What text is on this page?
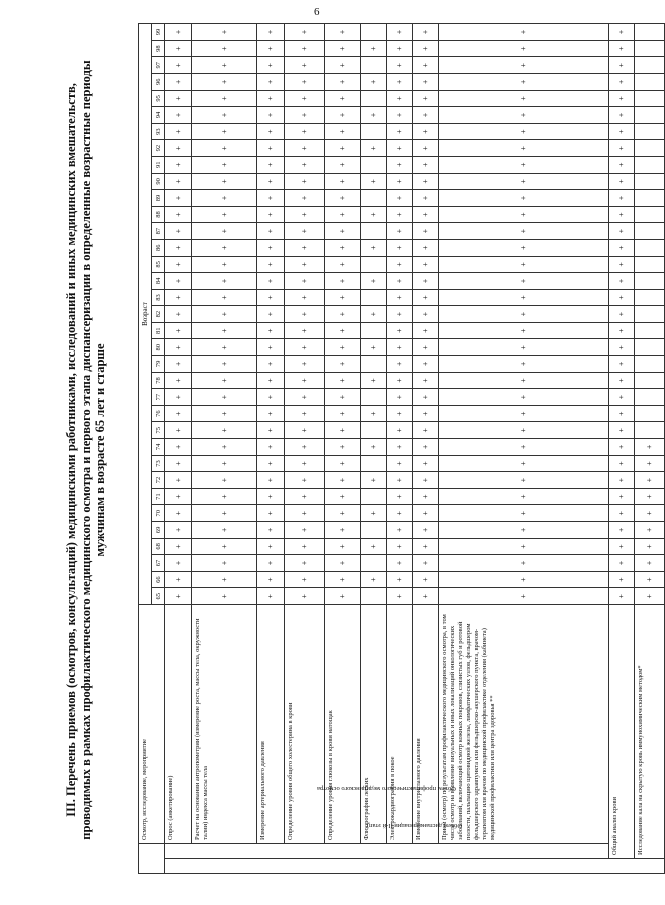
6
III. Перечень приемов (осмотров, консультаций) медицинскими работниками, исследований и иных медицинских вмешательств, проводимых в рамках профилактического медицинского осмотра и первого этапа диспансеризации в определенные возрастные периоды мужчинам в возрасте 65 лет и старше
		Осмотр, исследование, мероприятие	Возраст																																		
			65	66	67	68	69	70	71	72	73	74	75	76	77	78	79	80	81	82	83	84	85	86	87	88	89	90	91	92	93	94	95	96	97	98	99
Объем диспансеризации (I-й этап)	Объем профилактического медицинского осмотра	Опрос (анкетирование)	+	+	+	+	+	+	+	+	+	+	+	+	+	+	+	+	+	+	+	+	+	+	+	+	+	+	+	+	+	+	+	+	+	+	+
		Расчет на основании антропометрии (измерение роста, массы тела, окружности талии) индекса массы тела	+	+	+	+	+	+	+	+	+	+	+	+	+	+	+	+	+	+	+	+	+	+	+	+	+	+	+	+	+	+	+	+	+	+	+
		Измерение артериального давления	+	+	+	+	+	+	+	+	+	+	+	+	+	+	+	+	+	+	+	+	+	+	+	+	+	+	+	+	+	+	+	+	+	+	+
		Определение уровня общего холестерина в крови	+	+	+	+	+	+	+	+	+	+	+	+	+	+	+	+	+	+	+	+	+	+	+	+	+	+	+	+	+	+	+	+	+	+	+
		Определение уровня глюкозы в крови натощак	+	+	+	+	+	+	+	+	+	+	+	+	+	+	+	+	+	+	+	+	+	+	+	+	+	+	+	+	+	+	+	+	+	+	+
		Флюорография легких		+		+		+		+		+		+		+		+		+		+		+		+		+		+		+		+		+	
		Электрокардиография в покое	+	+	+	+	+	+	+	+	+	+	+	+	+	+	+	+	+	+	+	+	+	+	+	+	+	+	+	+	+	+	+	+	+	+	+
		Измерение внутриглазного давления	+	+	+	+	+	+	+	+	+	+	+	+	+	+	+	+	+	+	+	+	+	+	+	+	+	+	+	+	+	+	+	+	+	+	+
		Прием (осмотр) по результатам профилактического медицинского осмотра, в том числе осмотр на выявление визуальных и иных локализаций онкологических заболеваний, включающий осмотр кожных покровов, слизистых губ и ротовой полости, пальпацию щитовидной железы, лимфатических узлов, фельдшером фельдшерского здравпункта или фельдшерско-акушерского пункта, врачом-терапевтом или врачом по медицинской профилактике отделения (кабинета) медицинской профилактики или центра здоровья **	+	+	+	+	+	+	+	+	+	+	+	+	+	+	+	+	+	+	+	+	+	+	+	+	+	+	+	+	+	+	+	+	+	+	+
	Общий анализ крови		+	+	+	+	+	+	+	+	+	+	+	+	+	+	+	+	+	+	+	+	+	+	+	+	+	+	+	+	+	+	+	+	+	+	+
	Исследование кала на скрытую кровь иммунохимическим методом*		+	+	+	+	+	+	+	+	+	+																									
